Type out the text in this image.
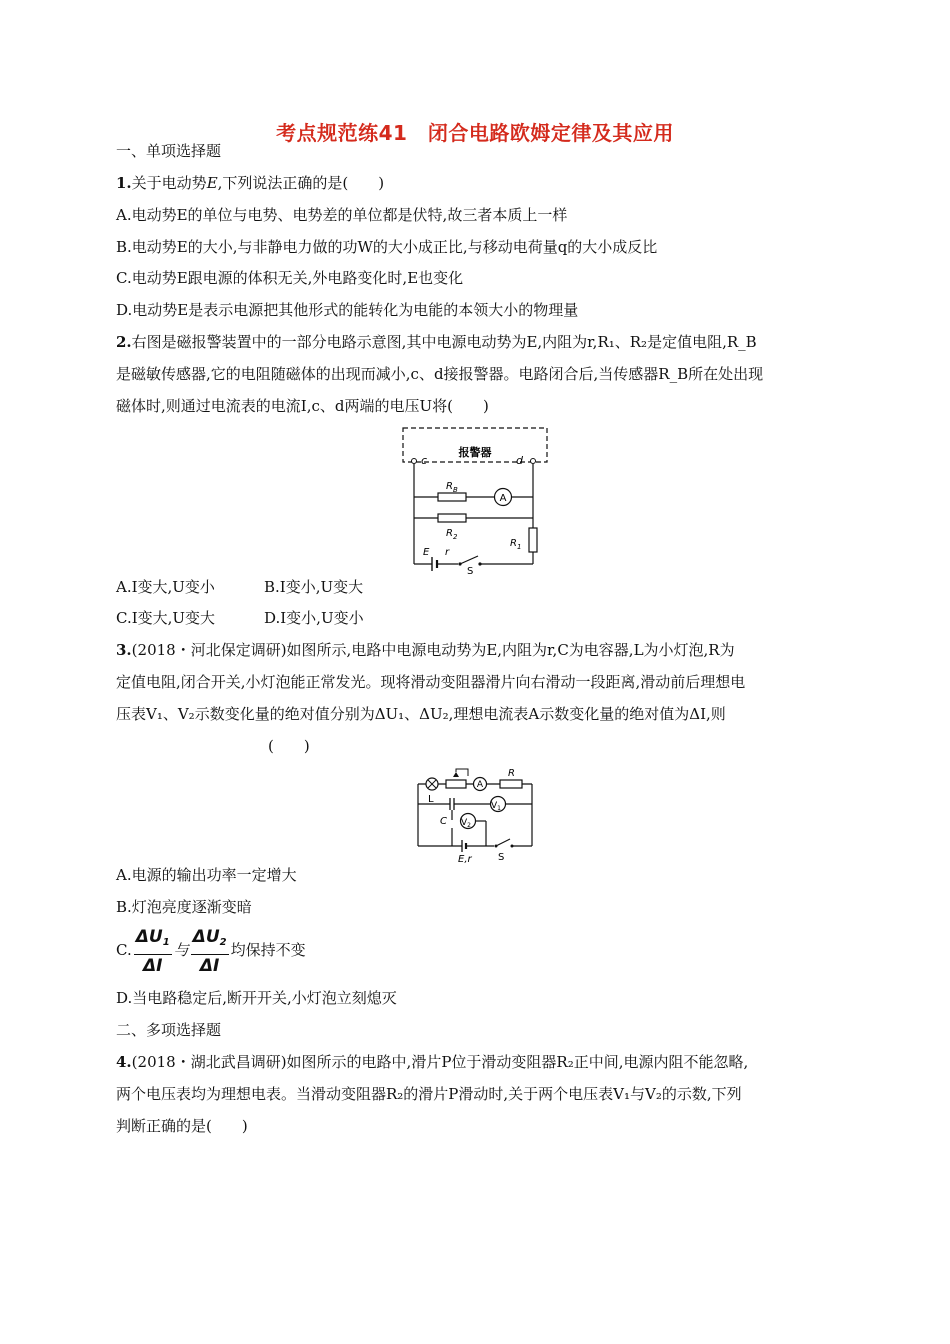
考点规范练41　闭合电路欧姆定律及其应用
一、单项选择题
1.关于电动势E,下列说法正确的是(　　)
A.电动势E的单位与电势、电势差的单位都是伏特,故三者本质上一样
B.电动势E的大小,与非静电力做的功W的大小成正比,与移动电荷量q的大小成反比
C.电动势E跟电源的体积无关,外电路变化时,E也变化
D.电动势E是表示电源把其他形式的能转化为电能的本领大小的物理量
2.右图是磁报警装置中的一部分电路示意图,其中电源电动势为E,内阻为r,R₁、R₂是定值电阻,R_B
是磁敏传感器,它的电阻随磁体的出现而减小,c、d接报警器。电路闭合后,当传感器R_B所在处出现
磁体时,则通过电流表的电流I,c、d两端的电压U将(　　)
报警器
c	d
$R_B$
A
$R_2$
$R_1$
E r
S
A.I变大,U变小	B.I变小,U变大
C.I变大,U变大	D.I变小,U变小
3.(2018・河北保定调研)如图所示,电路中电源电动势为E,内阻为r,C为电容器,L为小灯泡,R为
定值电阻,闭合开关,小灯泡能正常发光。现将滑动变阻器滑片向右滑动一段距离,滑动前后理想电
压表V₁、V₂示数变化量的绝对值分别为ΔU₁、ΔU₂,理想电流表A示数变化量的绝对值为ΔI,则
(　　)
A
R
L
C
$V_1$
$V_2$
E,r	S
A.电源的输出功率一定增大
B.灯泡亮度逐渐变暗
C. $\frac{\Delta U_1}{\Delta I}$ 与 $\frac{\Delta U_2}{\Delta I}$ 均保持不变
D.当电路稳定后,断开开关,小灯泡立刻熄灭
二、多项选择题
4.(2018・湖北武昌调研)如图所示的电路中,滑片P位于滑动变阻器R₂正中间,电源内阻不能忽略,
两个电压表均为理想电表。当滑动变阻器R₂的滑片P滑动时,关于两个电压表V₁与V₂的示数,下列
判断正确的是(　　)
